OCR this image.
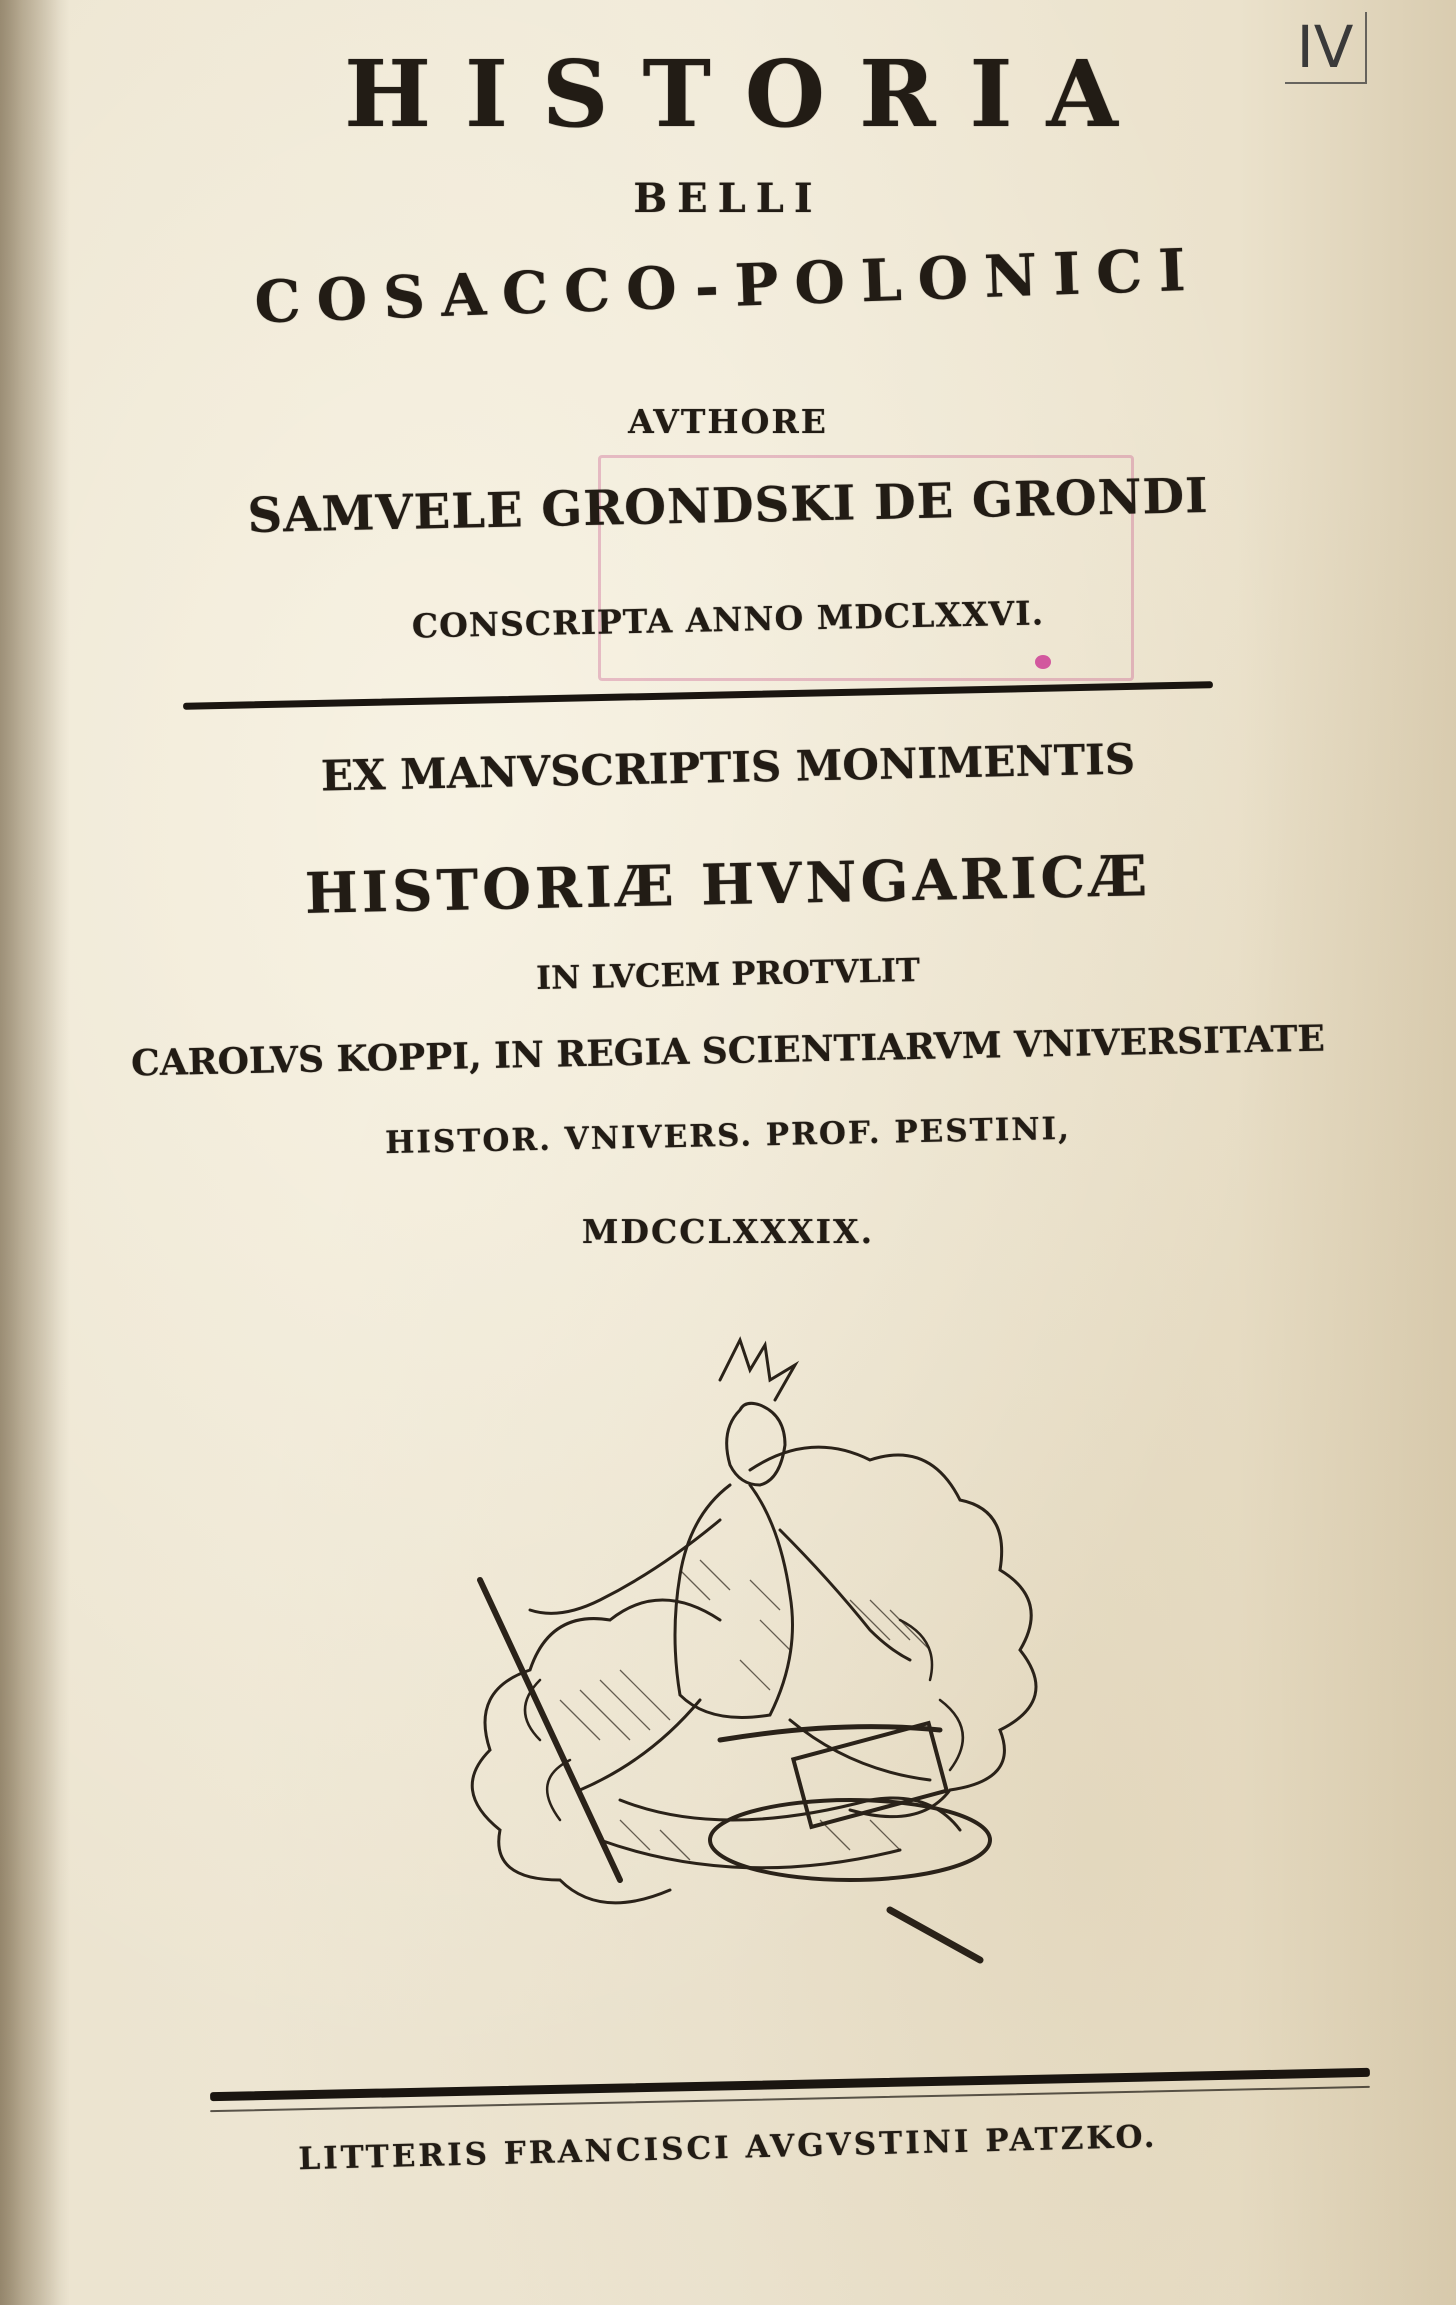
IV
HISTORIA
BELLI
COSACCO-POLONICI
AVTHORE
SAMVELE GRONDSKI DE GRONDI
CONSCRIPTA ANNO MDCLXXVI.
EX MANVSCRIPTIS MONIMENTIS
HISTORIÆ HVNGARICÆ
IN LVCEM PROTVLIT
CAROLVS KOPPI, IN REGIA SCIENTIARVM VNIVERSITATE
HISTOR. VNIVERS. PROF. PESTINI,
MDCCLXXXIX.
LITTERIS FRANCISCI AVGVSTINI PATZKO.
